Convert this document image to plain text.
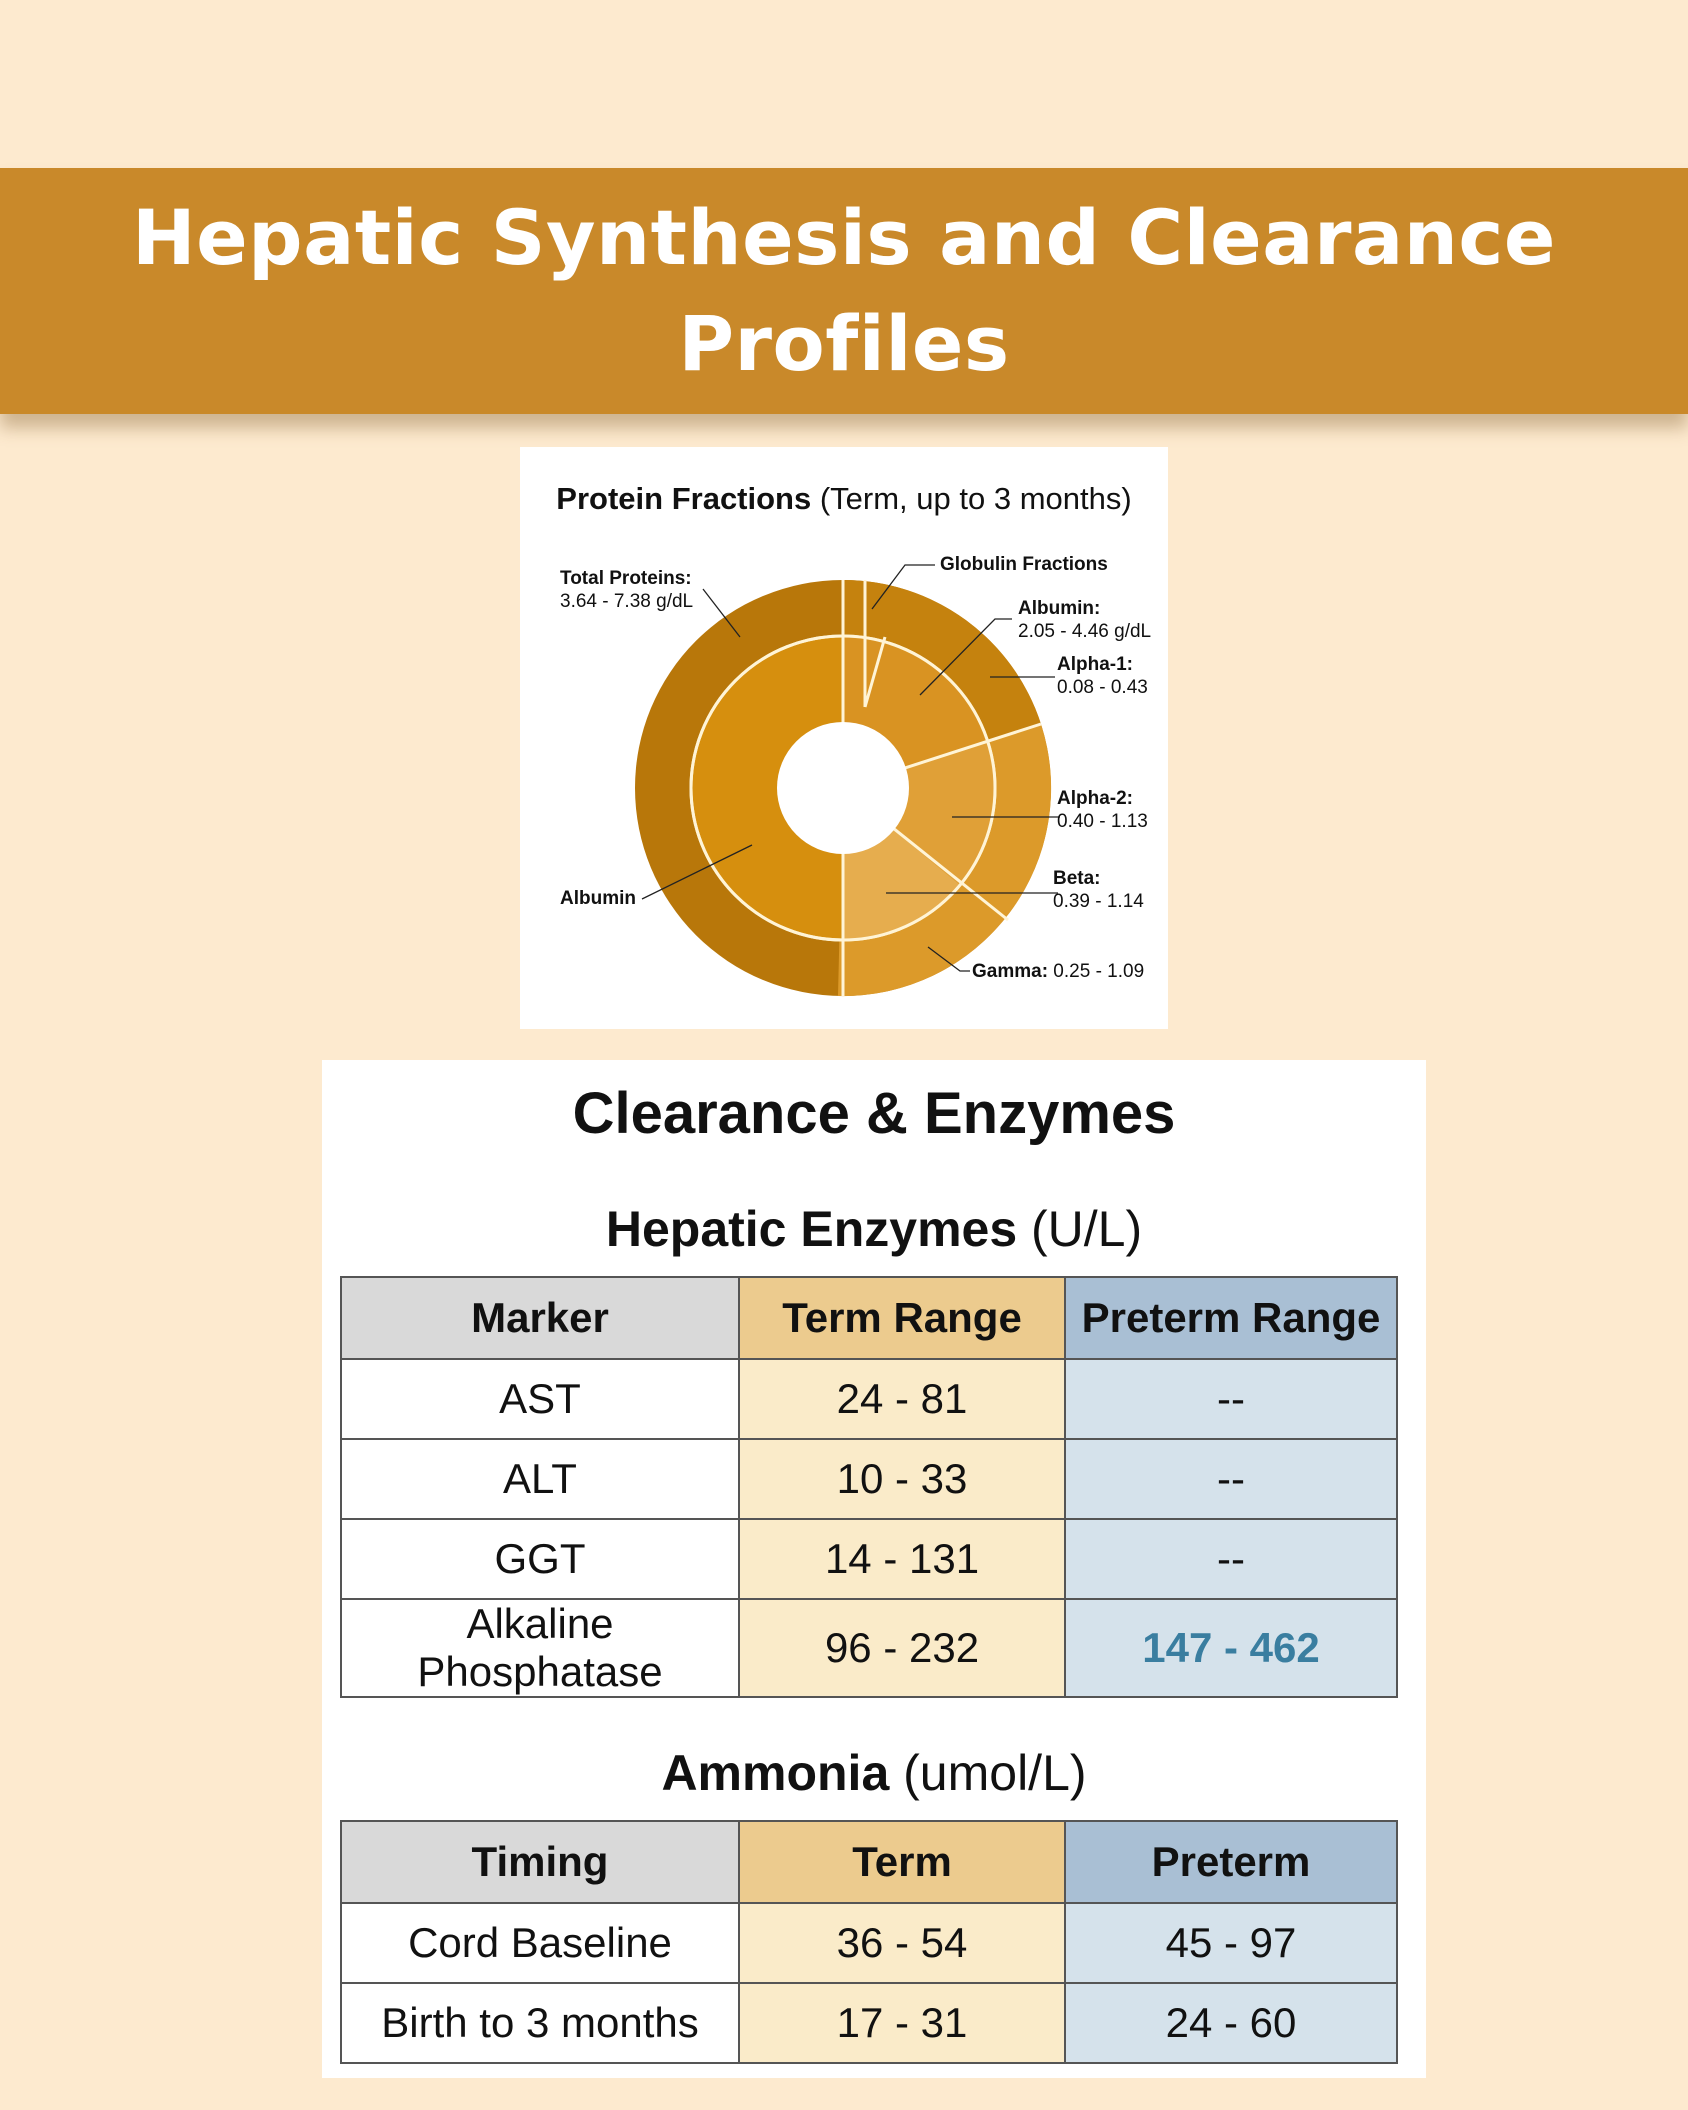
Hepatic Synthesis and Clearance Profiles
Protein Fractions (Term, up to 3 months)
Total Proteins:
3.64 - 7.38 g/dL
Globulin Fractions
Albumin:
2.05 - 4.46 g/dL
Alpha-1:
0.08 - 0.43
Alpha-2:
0.40 - 1.13
Beta:
0.39 - 1.14
Gamma: 0.25 - 1.09
Albumin
Clearance & Enzymes
Hepatic Enzymes (U/L)
Marker	Term Range	Preterm Range
AST	24 - 81	--
ALT	10 - 33	--
GGT	14 - 131	--
Alkaline Phosphatase	96 - 232	147 - 462
Ammonia (umol/L)
Timing	Term	Preterm
Cord Baseline	36 - 54	45 - 97
Birth to 3 months	17 - 31	24 - 60
